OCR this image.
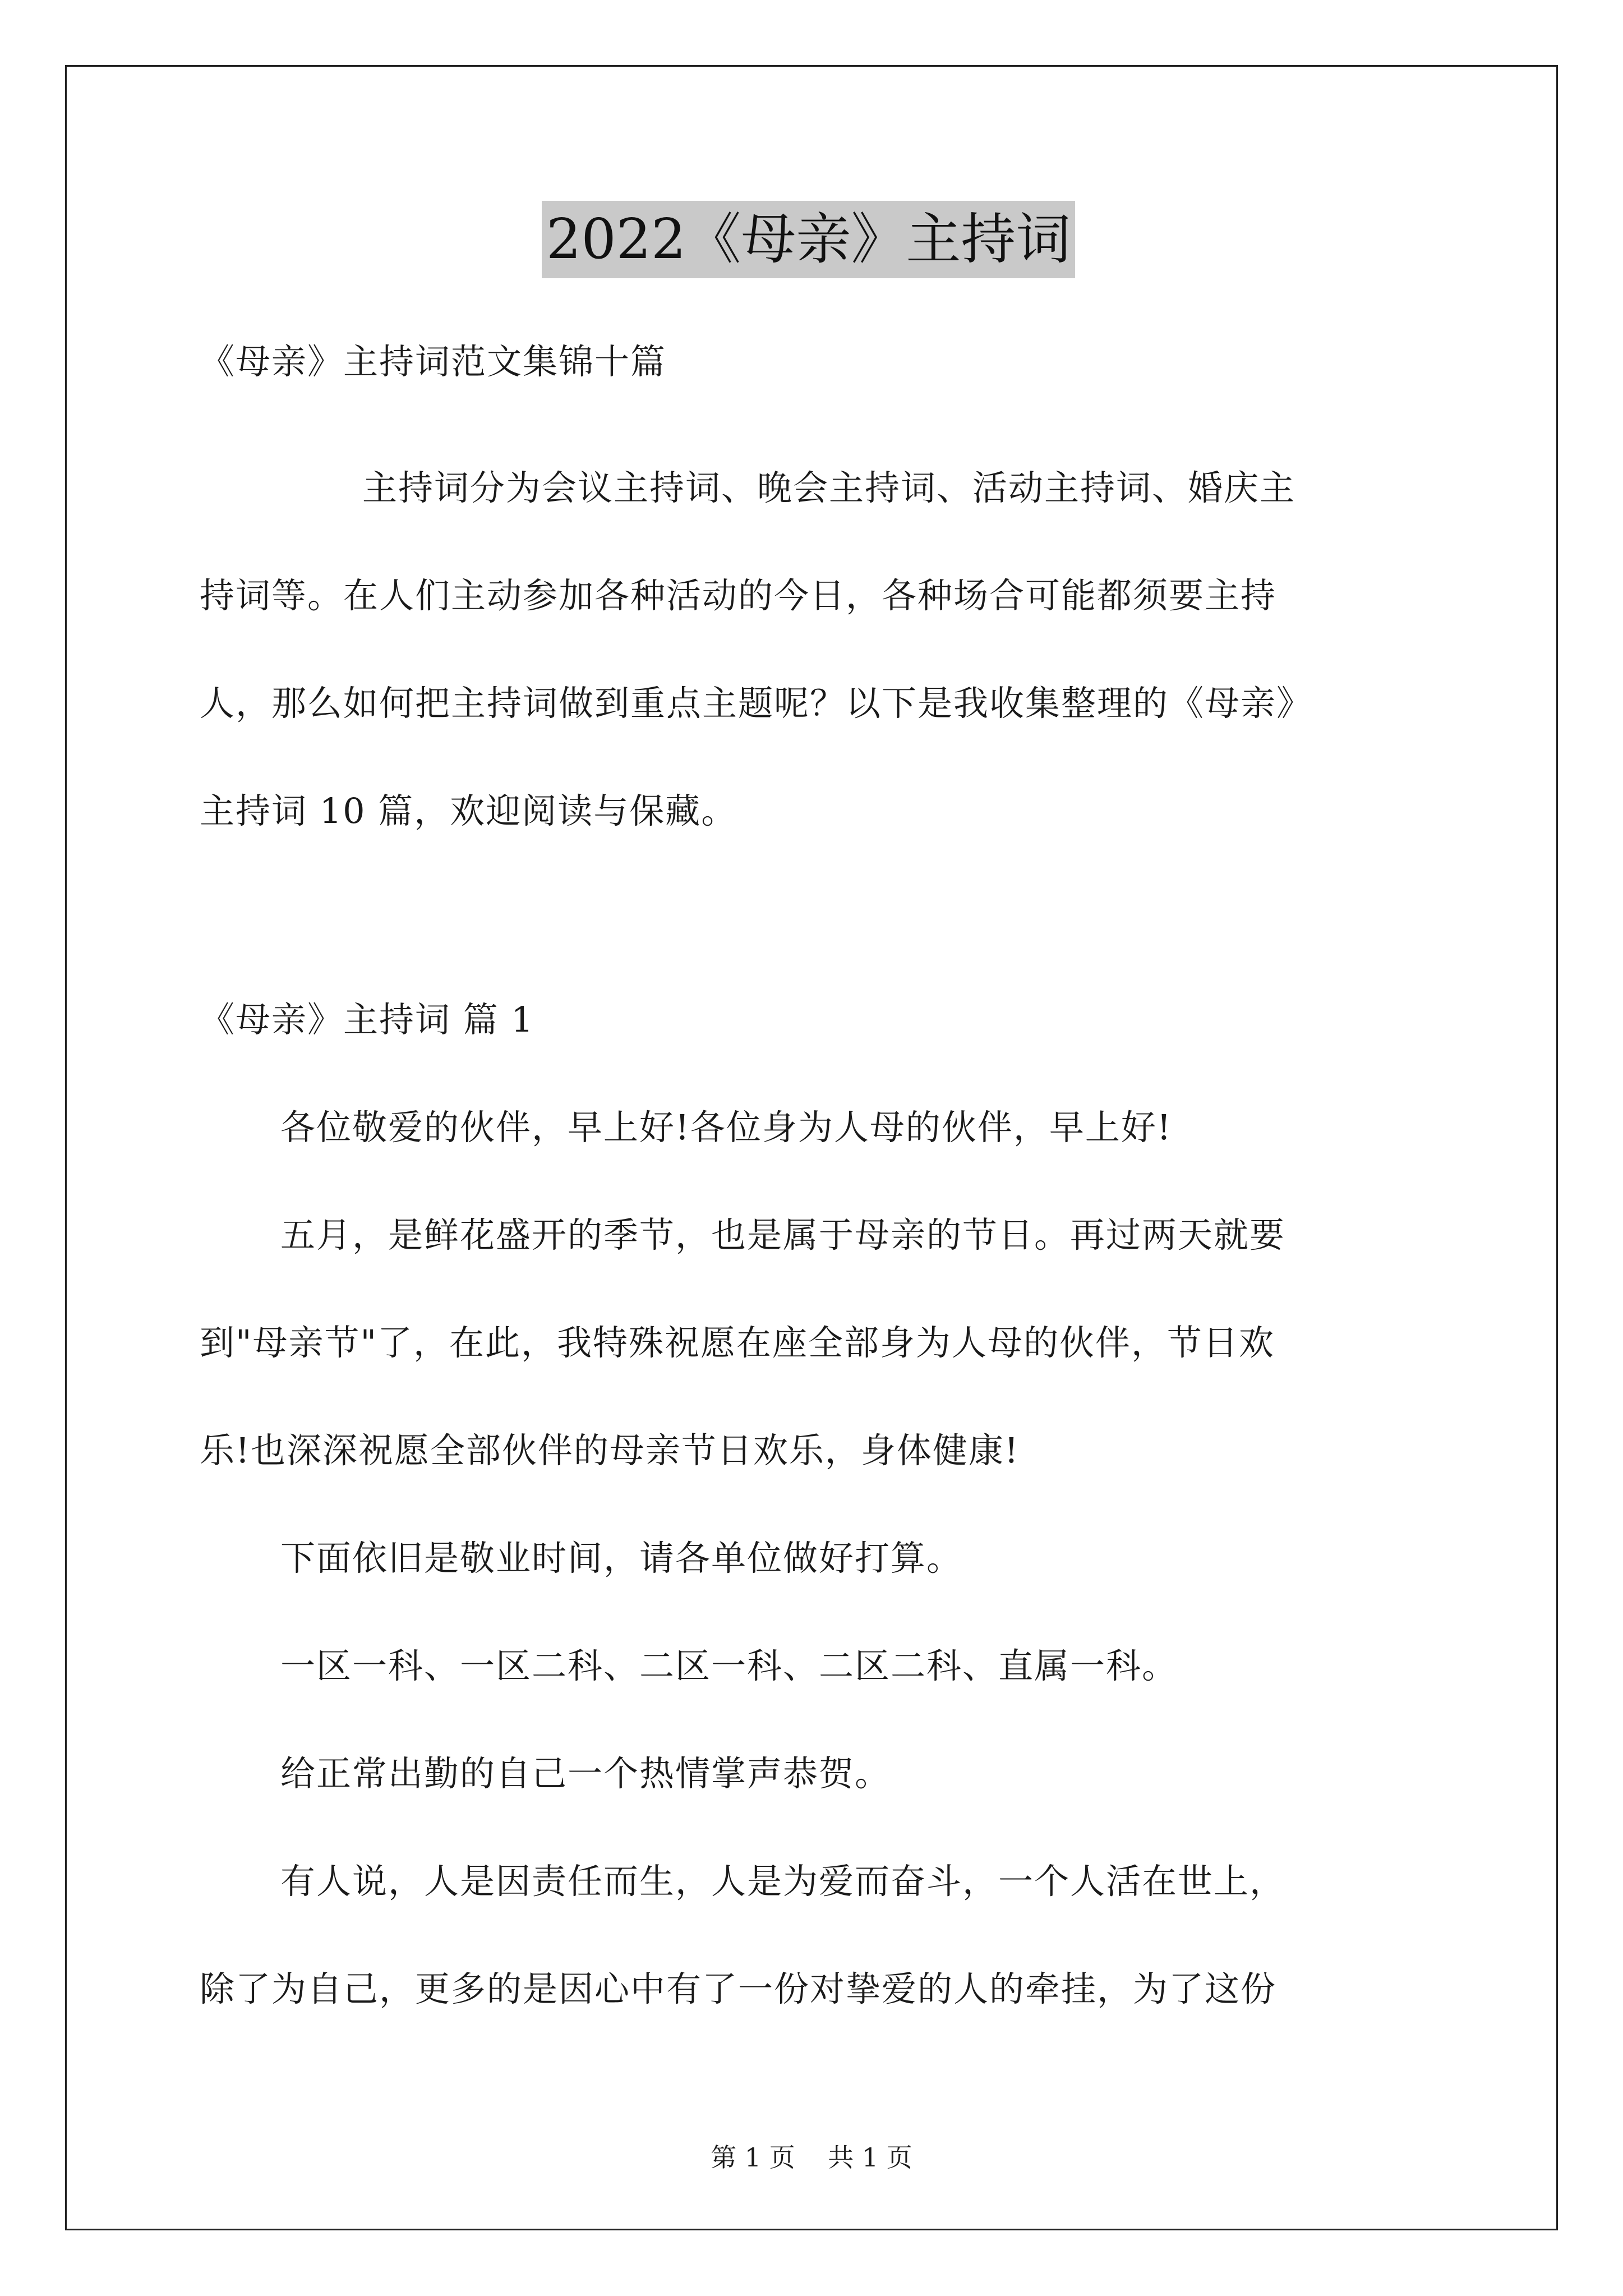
2022《母亲》主持词
《母亲》主持词范文集锦十篇
主持词分为会议主持词、晚会主持词、活动主持词、婚庆主
持词等。在人们主动参加各种活动的今日，各种场合可能都须要主持
人，那么如何把主持词做到重点主题呢？以下是我收集整理的《母亲》
主持词 10 篇，欢迎阅读与保藏。
《母亲》主持词 篇 1
各位敬爱的伙伴，早上好!各位身为人母的伙伴，早上好!
五月，是鲜花盛开的季节，也是属于母亲的节日。再过两天就要
到"母亲节"了，在此，我特殊祝愿在座全部身为人母的伙伴，节日欢
乐!也深深祝愿全部伙伴的母亲节日欢乐，身体健康!
下面依旧是敬业时间，请各单位做好打算。
一区一科、一区二科、二区一科、二区二科、直属一科。
给正常出勤的自己一个热情掌声恭贺。
有人说，人是因责任而生，人是为爱而奋斗，一个人活在世上，
除了为自己，更多的是因心中有了一份对挚爱的人的牵挂，为了这份
第 1 页    共 1 页
